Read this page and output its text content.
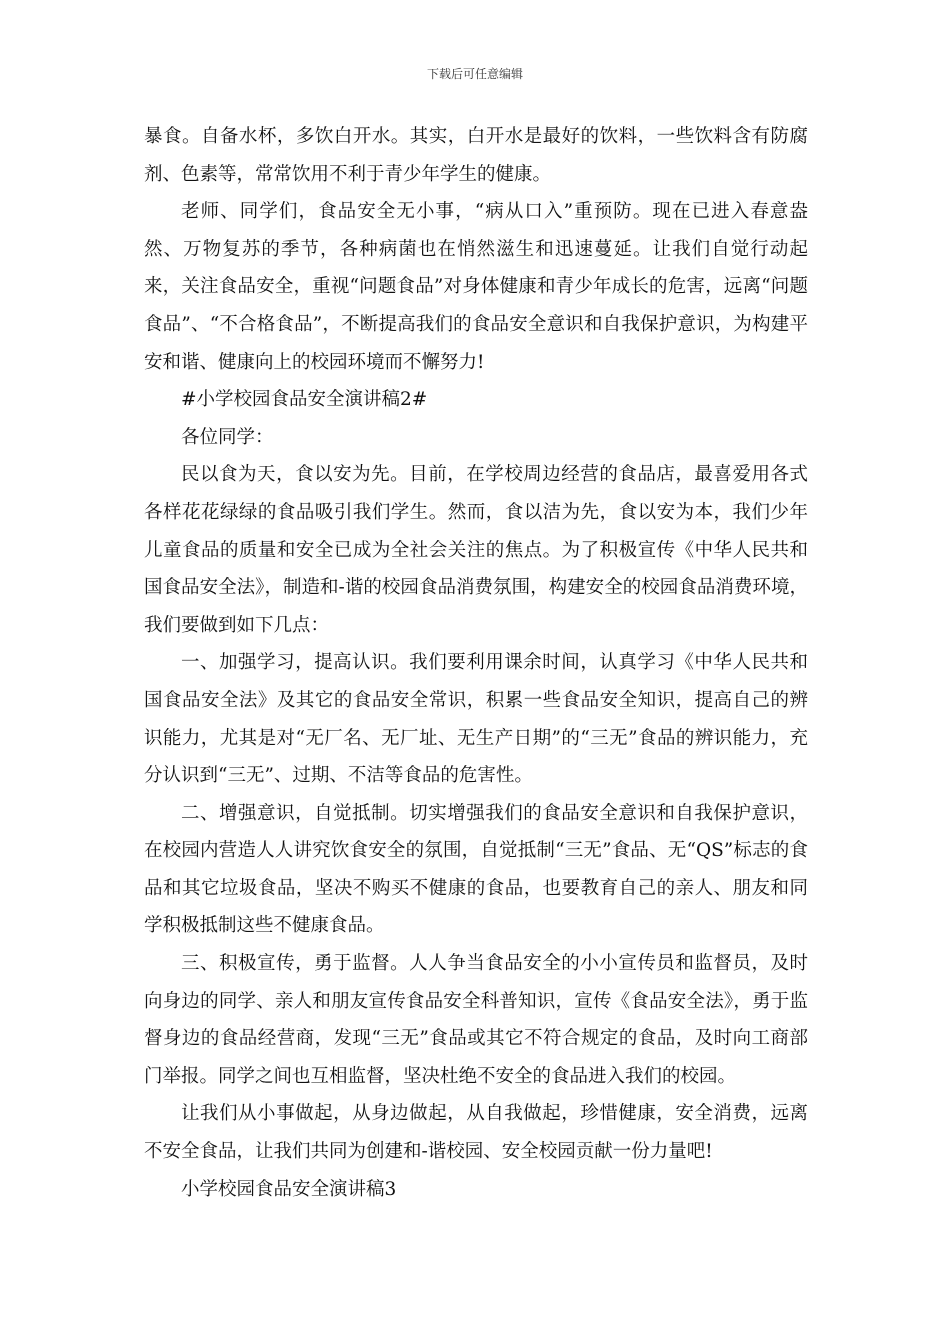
下载后可任意编辑

暴食。自备水杯，多饮白开水。其实，白开水是最好的饮料，一些饮料含有防腐剂、色素等，常常饮用不利于青少年学生的健康。

老师、同学们，食品安全无小事，“病从口入”重预防。现在已进入春意盎然、万物复苏的季节，各种病菌也在悄然滋生和迅速蔓延。让我们自觉行动起来，关注食品安全，重视“问题食品”对身体健康和青少年成长的危害，远离“问题食品”、“不合格食品”，不断提高我们的食品安全意识和自我保护意识，为构建平安和谐、健康向上的校园环境而不懈努力!

#小学校园食品安全演讲稿2#

各位同学：

民以食为天，食以安为先。目前，在学校周边经营的食品店，最喜爱用各式各样花花绿绿的食品吸引我们学生。然而，食以洁为先，食以安为本，我们少年儿童食品的质量和安全已成为全社会关注的焦点。为了积极宣传《中华人民共和国食品安全法》，制造和-谐的校园食品消费氛围，构建安全的校园食品消费环境，我们要做到如下几点：

一、加强学习，提高认识。我们要利用课余时间，认真学习《中华人民共和国食品安全法》及其它的食品安全常识，积累一些食品安全知识，提高自己的辨识能力，尤其是对“无厂名、无厂址、无生产日期”的“三无”食品的辨识能力，充分认识到“三无”、过期、不洁等食品的危害性。

二、增强意识，自觉抵制。切实增强我们的食品安全意识和自我保护意识，在校园内营造人人讲究饮食安全的氛围，自觉抵制“三无”食品、无“QS”标志的食品和其它垃圾食品，坚决不购买不健康的食品，也要教育自己的亲人、朋友和同学积极抵制这些不健康食品。

三、积极宣传，勇于监督。人人争当食品安全的小小宣传员和监督员，及时向身边的同学、亲人和朋友宣传食品安全科普知识，宣传《食品安全法》，勇于监督身边的食品经营商，发现“三无”食品或其它不符合规定的食品，及时向工商部门举报。同学之间也互相监督，坚决杜绝不安全的食品进入我们的校园。

让我们从小事做起，从身边做起，从自我做起，珍惜健康，安全消费，远离不安全食品，让我们共同为创建和-谐校园、安全校园贡献一份力量吧!

小学校园食品安全演讲稿3
